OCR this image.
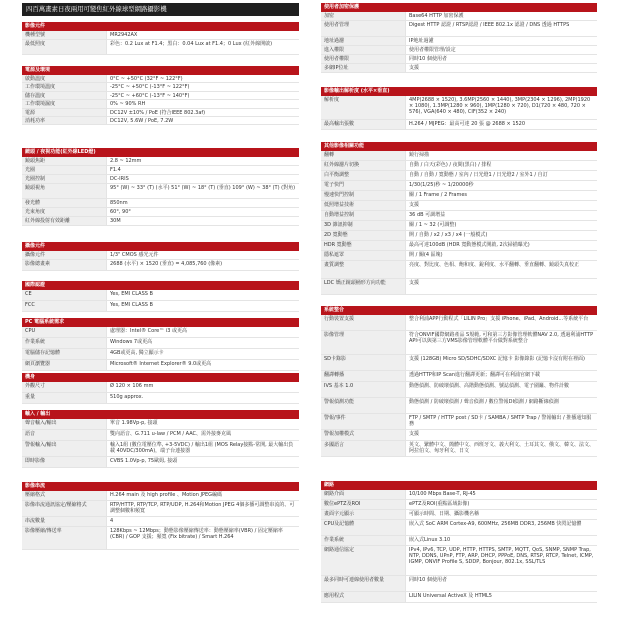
四百萬畫素日夜兩用可變焦紅外線球型網路攝影機
影像元件
機種型號	MR2942AX
最低照度	彩色：0.2 Lux at F1.4；黑白：0.04 Lux at F1.4；0 Lux (紅外線開啟)
電源及環境
啟動溫度	0°C ~ +50°C (32°F ~ 122°F)
工作環境溫度	-25°C ~ +50°C (-13°F ~ 122°F)
儲存溫度	-25°C ~ +60°C (-13°F ~ 140°F)
工作環境濕度	0% ~ 90% RH
電源	DC12V ±10% / PoE (符合IEEE 802.3af)
消耗功率	DC12V, 5.6W / PoE, 7.2W
鏡頭 / 夜視功能(紅外線LED燈)
鏡頭焦距	2.8 ~ 12mm
光圈	F1.4
光圈控制	DC-IRIS
鏡頭視角	95° (W) ~ 33° (T) (水平) 51° (W) ~ 18° (T) (垂直) 109° (W) ~ 38° (T) (對角)
發光體	850nm
光束角度	60°, 90°
紅外線投射有效距離	30M
攝像元件
攝像元件	1/3" CMOS 感光元件
影像總畫素	2688 (水平) × 1520 (垂直) = 4,085,760 (像素)
國際認證
CE	Yes, EMI CLASS B
FCC	Yes, EMI CLASS B
PC 電腦系統需求
CPU	處理器：Intel® Core™ i3 或更高
作業系統	Windows 7或更高
電腦儲存記憶體	4GB或更高, 獨立顯示卡
網頁瀏覽器	Microsoft® Internet Explorer® 9.0或更高
機身
外觀尺寸	Ø 120 × 106 mm
重量	510g approx.
輸入 / 輸出
聲音輸入/輸出	單音 1.98Vp-p, 接頭
語音	雙向語音、G.711 u-law / PCM / AAC、需外接麥克風
警報輸入/輸出	輸入1組 (數位電壓位準, +3-5VDC) / 輸出1組 (MOS Relay接點-常開, 最大輸出負載 40VDC/300mA)，端子台連接器
即時影像	CVBS 1.0Vp-p, 75歐姆, 接頭
影像串流
壓縮格式	H.264 main 及 high profile 、Motion JPEG編碼
影像串流通訊協定/壓縮格式	RTP/HTTP, RTP/TCP, RTP/UDP, H.264和Motion JPEG 4個多播可調整串流的、可調整個數和頻寬
串流數量	4
影像壓縮/傳送率	128Kbps ~ 12Mbps；動態影像壓縮傳送率：動態壓縮率(VBR) / 固定壓縮率(CBR) / GOP 支援；頻寬 (Fix bitrate) / Smart H.264
使用者加密保護
加密	Base64 HTTP 加密保護
使用者管理	Digest HTTP 認證 / RTSP認證 / IEEE 802.1x 認證 / DNS 透過 HTTPS
地址過濾	IP地址過濾
進入權限	使用者權限管理/設定
使用者權限	同時10 個使用者
多網IP位址	支援
影像輸出解析度 (水平×垂直)
解析度	4MP(2688 × 1520), 3.6MP(2560 × 1440), 3MP(2304 × 1296), 2MP(1920 × 1080), 1.3MP(1280 × 960), 1MP(1280 × 720), D1(720 × 480, 720 × 576), VGA(640 × 480), CIF(352 × 240)
最高輸出張數	H.264 / MJPEG：最高可達 20 張 @ 2688 × 1520
其他影像相關功能
翻轉	鏡行掃描
紅外線濾片切換	自動 / 白天(彩色) / 夜間(黑白) / 排程
白平衡調整	自動 / 自動 / 寬動態 / 室內 / 日光燈1 / 日光燈2 / 室外1 / 自訂
電子快門	1/30(1/25)秒 ~ 1/20000秒
慢速快門控制	關 / 1 Frame / 2 Frames
低照增益技術	支援
自動增益控制	36 dB 可調增益
3D 雜訊抑制	關 / 1 ~ 32 (可調整)
2D 寬動態	開 / 自動 / x2 / x3 / x4 (一般模式)
HDR 寬動態	最高可達100dB (HDR 寬動態模式開啟, 2次掃描曝光)
隱私遮罩	開 / 關(4 區塊)
畫質調整	亮度、對比度、色相、飽和度、銳利度、水平翻轉、垂直翻轉、鏡頭失真校正
LDC 矯正鏡頭桶形方向功能	支援
系統整合
行動裝置支援	整合利浦APP行動程式「LILIN Pro」支援 iPhone、iPad、Android...等系統平台
影像管理	符合ONVIF國際網路產品 S規範, 可和第三方影像管理軟體NAV 2.0, 透過利浦HTTP API可以與第三方VMS影像管理軟體平台做對系統整合
SD卡錄影	支援 (128GB) Micro SD/SDHC/SDXC 記憶卡 影像錄影 (記憶卡沒有附在裡面)
翻譯轉播	透過HTTP和IP Scan進行翻譯更新；翻譯可在利浦官網下載
IVS 基本 1.0	動態偵測、防破壞偵測、高階動態偵測、號誌偵測、電子圍籬、物件計數
警報偵測功能	動態偵測 / 防破壞偵測 / 聲音偵測 / 數位警報DI偵測 / 網路斷線偵測
警報/事件	FTP / SMTP / HTTP post / SD卡 / SAMBA / SMTP Trap / 警報輸出 / 推播通知服務
警報加權模式	支援
多國語言	英文、繁體中文、簡體中文、西班牙文、義大利文、土耳其文、俄文、韓文、法文、阿拉伯文、匈牙利文、日文
網路
網路介面	10/100 Mbps Base-T, RJ-45
數位ePTZ及ROI	ePTZ及ROI(重點區域影像)
畫面字元顯示	可顯示時間、日期、攝影機名稱
CPU及記憶體	嵌入式 SoC ARM Cortex-A9, 600MHz, 256MB DDR3, 256MB 快閃記憶體
作業系統	嵌入式Linux 3.10
網路通信協定	IPv4, IPv6, TCP, UDP, HTTP, HTTPS, SMTP, MQTT, QoS, SNMP, SNMP Trap, NTP, DDNS, UPnP, FTP, ARP, DHCP, PPPoE, DNS, RTSP, RTCP, Telnet, ICMP, IGMP, ONVIF Profile S, SDDP, Bonjour, 802.1x, SSL/TLS
最多同時可連線使用者數量	同時10 個使用者
應用程式	LILIN Universal ActiveX 及 HTML5
